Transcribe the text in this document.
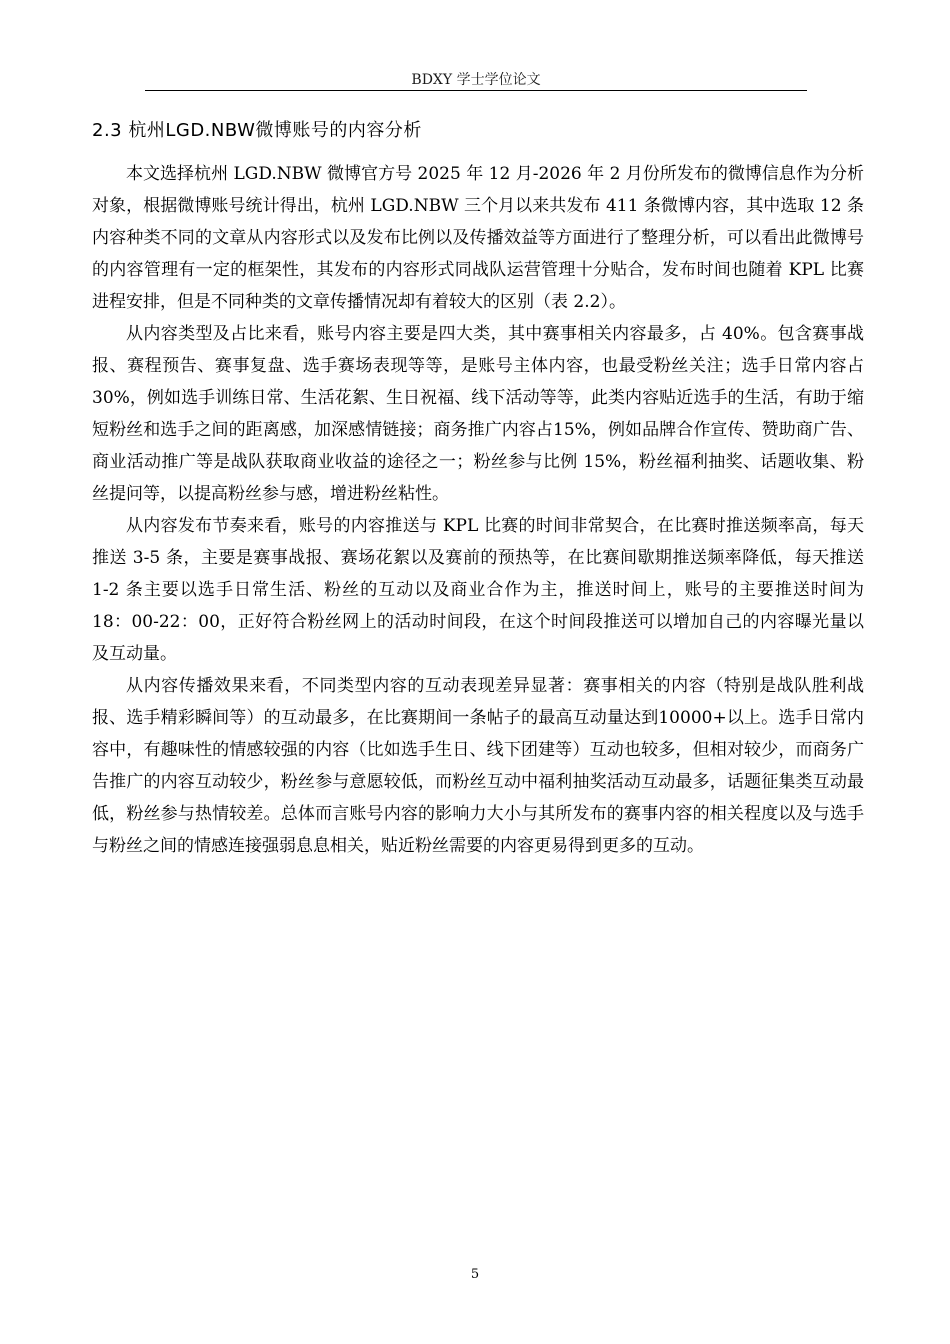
BDXY 学士学位论文
2.3 杭州LGD.NBW微博账号的内容分析

本文选择杭州 LGD.NBW 微博官方号 2025 年 12 月-2026 年 2 月份所发布的微博信息作为分析对象，根据微博账号统计得出，杭州 LGD.NBW 三个月以来共发布 411 条微博内容，其中选取 12 条内容种类不同的文章从内容形式以及发布比例以及传播效益等方面进行了整理分析，可以看出此微博号的内容管理有一定的框架性，其发布的内容形式同战队运营管理十分贴合，发布时间也随着 KPL 比赛进程安排，但是不同种类的文章传播情况却有着较大的区别（表 2.2）。

从内容类型及占比来看，账号内容主要是四大类，其中赛事相关内容最多，占 40%。包含赛事战报、赛程预告、赛事复盘、选手赛场表现等等，是账号主体内容，也最受粉丝关注；选手日常内容占 30%，例如选手训练日常、生活花絮、生日祝福、线下活动等等，此类内容贴近选手的生活，有助于缩短粉丝和选手之间的距离感，加深感情链接；商务推广内容占15%，例如品牌合作宣传、赞助商广告、商业活动推广等是战队获取商业收益的途径之一；粉丝参与比例 15%，粉丝福利抽奖、话题收集、粉丝提问等，以提高粉丝参与感，增进粉丝粘性。

从内容发布节奏来看，账号的内容推送与 KPL 比赛的时间非常契合，在比赛时推送频率高，每天推送 3-5 条，主要是赛事战报、赛场花絮以及赛前的预热等，在比赛间歇期推送频率降低，每天推送 1-2 条主要以选手日常生活、粉丝的互动以及商业合作为主，推送时间上，账号的主要推送时间为 18：00-22：00，正好符合粉丝网上的活动时间段，在这个时间段推送可以增加自己的内容曝光量以及互动量。

从内容传播效果来看，不同类型内容的互动表现差异显著：赛事相关的内容（特别是战队胜利战报、选手精彩瞬间等）的互动最多，在比赛期间一条帖子的最高互动量达到10000+以上。选手日常内容中，有趣味性的情感较强的内容（比如选手生日、线下团建等）互动也较多，但相对较少，而商务广告推广的内容互动较少，粉丝参与意愿较低，而粉丝互动中福利抽奖活动互动最多，话题征集类互动最低，粉丝参与热情较差。总体而言账号内容的影响力大小与其所发布的赛事内容的相关程度以及与选手与粉丝之间的情感连接强弱息息相关，贴近粉丝需要的内容更易得到更多的互动。

5
